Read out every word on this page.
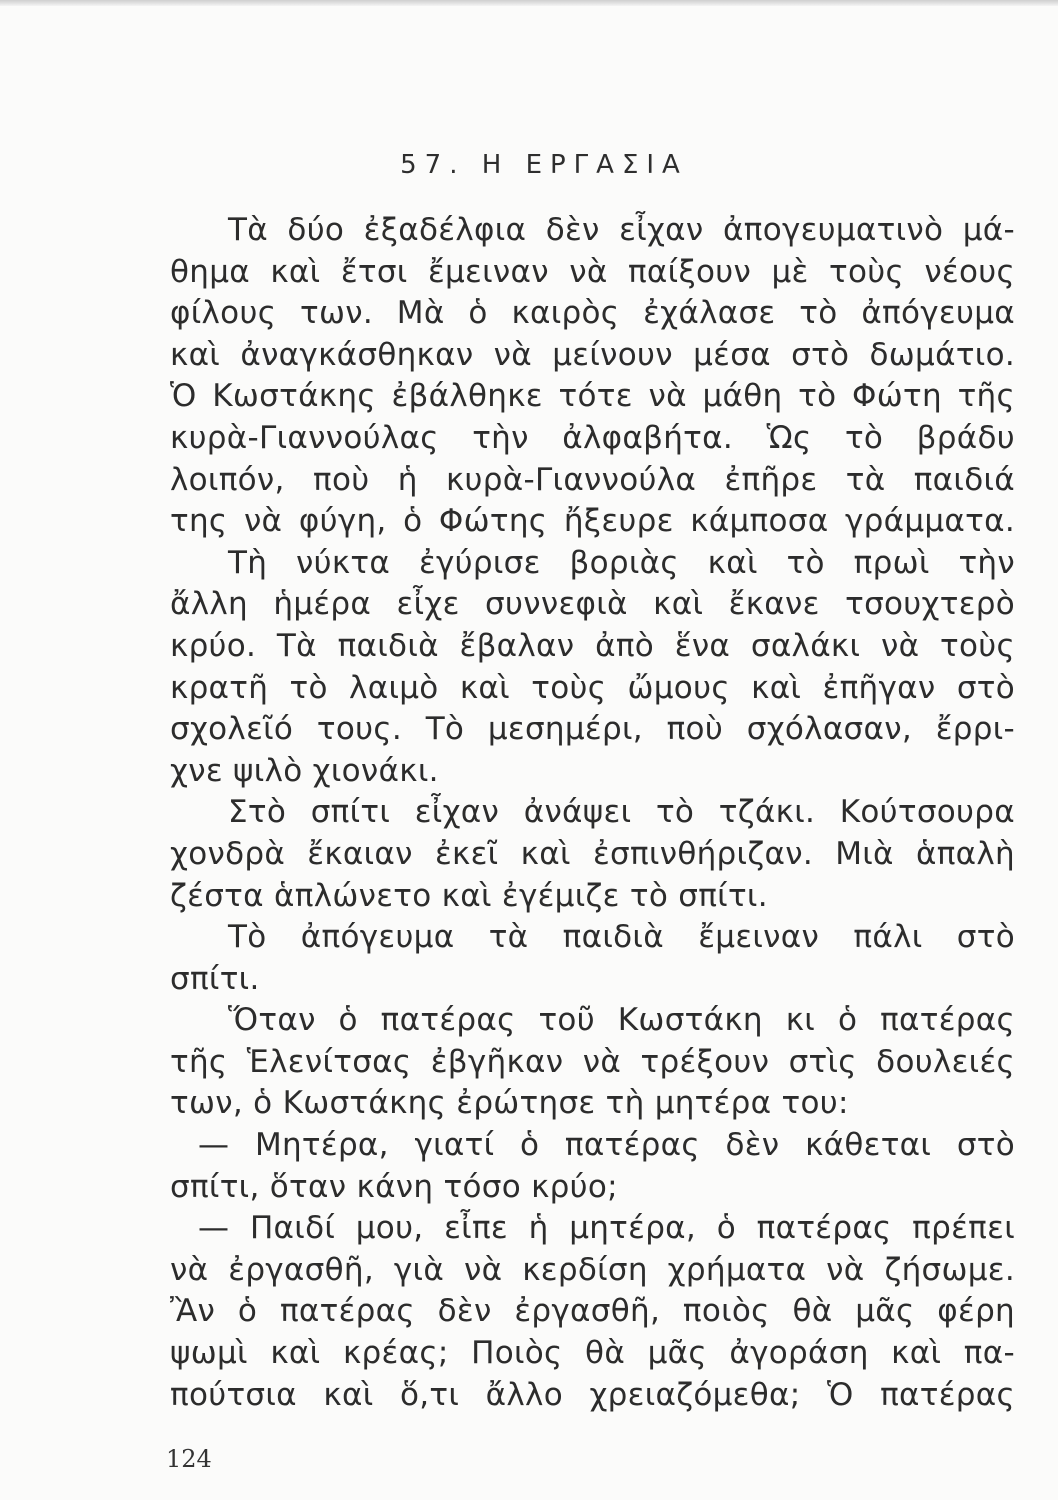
57. Η ΕΡΓΑΣΙΑ
Τὰ δύο ἐξαδέλφια δὲν εἶχαν ἀπογευματινὸ μά-
θημα καὶ ἔτσι ἔμειναν νὰ παίξουν μὲ τοὺς νέους
φίλους των. Μὰ ὁ καιρὸς ἐχάλασε τὸ ἀπόγευμα
καὶ ἀναγκάσθηκαν νὰ μείνουν μέσα στὸ δωμάτιο.
Ὁ Κωστάκης ἐβάλθηκε τότε νὰ μάθη τὸ Φώτη τῆς
κυρὰ-Γιαννούλας τὴν ἀλφαβήτα. Ὡς τὸ βράδυ
λοιπόν, ποὺ ἡ κυρὰ-Γιαννούλα ἐπῆρε τὰ παιδιά
της νὰ φύγη, ὁ Φώτης ἤξευρε κάμποσα γράμματα.
Τὴ νύκτα ἐγύρισε βοριὰς καὶ τὸ πρωὶ τὴν
ἄλλη ἡμέρα εἶχε συννεφιὰ καὶ ἔκανε τσουχτερὸ
κρύο. Τὰ παιδιὰ ἔβαλαν ἀπὸ ἕνα σαλάκι νὰ τοὺς
κρατῆ τὸ λαιμὸ καὶ τοὺς ὤμους καὶ ἐπῆγαν στὸ
σχολεῖό τους. Τὸ μεσημέρι, ποὺ σχόλασαν, ἔρρι-
χνε ψιλὸ χιονάκι.
Στὸ σπίτι εἶχαν ἀνάψει τὸ τζάκι. Κούτσουρα
χονδρὰ ἔκαιαν ἐκεῖ καὶ ἐσπινθήριζαν. Μιὰ ἁπαλὴ
ζέστα ἁπλώνετο καὶ ἐγέμιζε τὸ σπίτι.
Τὸ ἀπόγευμα τὰ παιδιὰ ἔμειναν πάλι στὸ
σπίτι.
Ὅταν ὁ πατέρας τοῦ Κωστάκη κι ὁ πατέρας
τῆς Ἑλενίτσας ἐβγῆκαν νὰ τρέξουν στὶς δουλειές
των, ὁ Κωστάκης ἐρώτησε τὴ μητέρα του:
— Μητέρα, γιατί ὁ πατέρας δὲν κάθεται στὸ
σπίτι, ὅταν κάνη τόσο κρύο;
— Παιδί μου, εἶπε ἡ μητέρα, ὁ πατέρας πρέπει
νὰ ἐργασθῆ, γιὰ νὰ κερδίση χρήματα νὰ ζήσωμε.
Ἂν ὁ πατέρας δὲν ἐργασθῆ, ποιὸς θὰ μᾶς φέρη
ψωμὶ καὶ κρέας; Ποιὸς θὰ μᾶς ἀγοράση καὶ πα-
πούτσια καὶ ὅ,τι ἄλλο χρειαζόμεθα; Ὁ πατέρας
124
